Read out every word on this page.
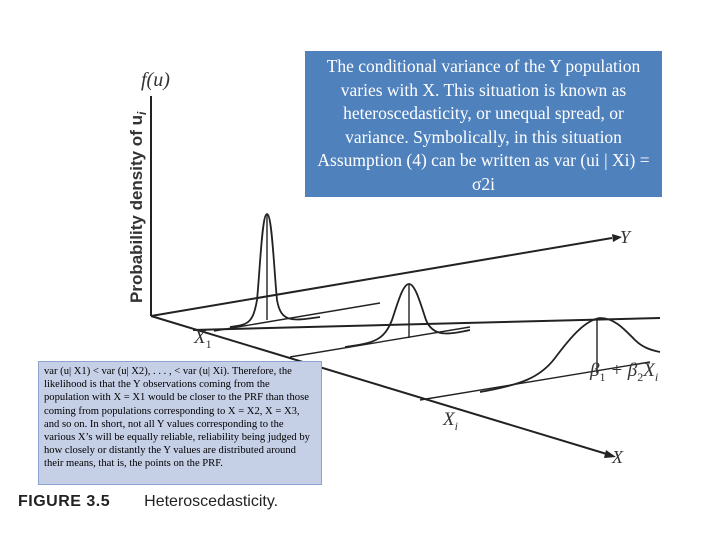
f(u)
Probability density of $u_i$
Y
X
$X_1$
$X_i$
$\beta_1 + \beta_2X_i$
The conditional variance of the Y population varies with X. This situation is known as heteroscedasticity, or unequal spread, or variance. Symbolically, in this situation Assumption (4) can be written as var (ui | Xi) = σ2i
var (u| X1) < var (u| X2), . . . , < var (u| Xi). Therefore, the likelihood is that the Y observations coming from the population with X = X1 would be closer to the PRF than those coming from populations corresponding to X = X2, X = X3, and so on. In short, not all Y values corresponding to the various X’s will be equally reliable, reliability being judged by how closely or distantly the Y values are distributed around their means, that is, the points on the PRF.
FIGURE 3.5 Heteroscedasticity.
